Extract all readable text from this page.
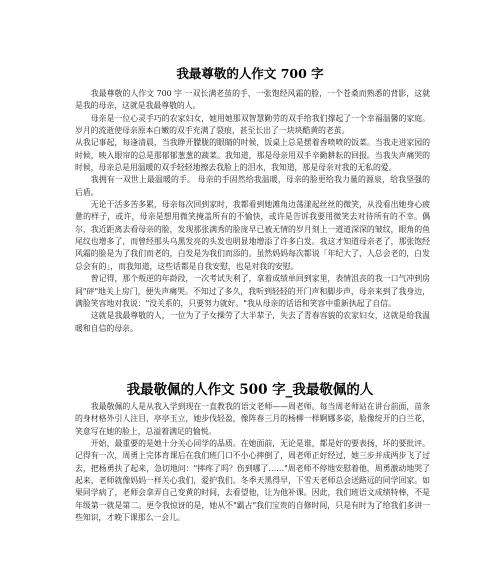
我最尊敬的人作文 700 字

我最尊敬的人作文 700 字 一双长满老茧的手，一张饱经风霜的脸，一个苍桑而熟悉的背影，这就是我的母亲，这就是我最尊敬的人。

母亲是一位心灵手巧的农家妇女，她用她那双智慧勤劳的双手给我们撑起了一个幸福温馨的家庭。岁月的流逝使母亲原本白嫩的双手充满了裂痕，甚至长出了一块块酷黄的老茧。

从我记事起，每逢清晨，当我睁开朦胧的眼睛的时候，饭桌上总是摆着香喷喷的饭菜。当我走进家园的时候，映入眼帘的总是那郁郁葱葱的蔬菜。我知道，那是母亲用双手辛勤耕耘的回报。当我失声痛哭的时候，母亲总是用温暖的双手轻轻地擦去我脸上的泪水，我知道，那是母亲对我的无私的爱。

我拥有一双世上最温暖的手。 母亲的手固然给我温暖，母亲的脸更给我力量的源泉，给我坚强的后盾。

无论干活多苦多累，母亲每次回到家时，我都看到她滩角边荡漾起丝丝的微笑，从没看出她身心疲惫的样子，或许，母亲是想用微笑掩盖所有的不愉快，或许是告诉我要用微笑去对待所有的不幸。偶尔，我近距离去看母亲的脸，发现那张满秀的脸庞早已被无情的岁月刻上一道道深深的皱纹，眼角的鱼尾纹也增多了，而曾经那头乌黑发亮的头发也明显地增添了许多白发。我这才知道母亲老了，那张饱经风霜的脸是为了我们而老的，白发是为我们而添的。虽然妈妈每次都说「年纪大了，人总会老的，白发总会有的」，而我知道，这些话都是自我安慰，也是对我的安慰。

曾记得，那个叛逆的年龄段，一次考试失利了，拿着成绩单回到家里，表情沮丧的我一口气冲到房间"砰"地关上房门，便失声痛哭。不知过了多久，我听到轻轻的开门声和脚步声，母亲来到了我身边，满脸笑容地对我说："没关系的，只要努力就好。"我从母亲的话语和笑容中重新执起了自信。

这就是我最尊敬的人，一位为了子女操劳了大半辈子，失去了青春容貌的农家妇女，这就是给我温暖和自信的母亲。

我最敬佩的人作文 500 字_我最敬佩的人

我最敬佩的人是从我入学到现在一直教我的语文老师——周老师。每当周老师站在讲台前面，苗条的身材格外引人注目，亭亭玉立，她步伐轻盈，像阵春三月的杨柳一样婀娜多姿，脸像绽开的白兰花，笑意写在她的脸上，总溢着满足的愉悦。

开始，最重要的是她十分关心同学的品质。在她面前，无论是谁，都是好的要表扬，坏的要批评。记得有一次，周勇上完体育课后在我们班门口不小心摔倒了，周老师正好经过，她三步并成两步飞了过去，把杨勇扶了起来，急切地问："摔疼了吗？伤到哪了……"周老师不停地安慰着他，周勇激动地哭了起来，老师就像妈妈一样关心我们，爱护我们。冬季天黑得早，下雪天老师总会送路远的同学回家。如果同学病了，老师会拿弄自己变黄的时间，去看望他，让为他补课。因此，我们班语文成绩特棒，不是年级第一就是第二。更令我惊讶的是，她从不"霸占"我们宝贵的自修时间，只是有时为了给我们多讲一些知识，才晚下课那么一会儿。
